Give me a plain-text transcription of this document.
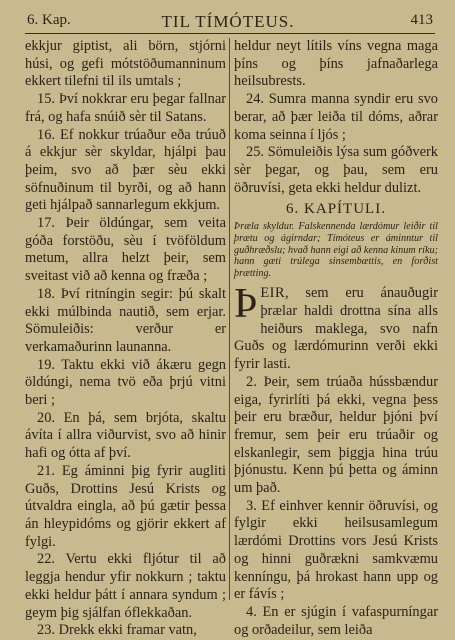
6. Kap.	TIL TÍMÓTEUS.	413

ekkjur giptist, ali börn, stjórni húsi, og gefi mótstöðumanninum ekkert tilefni til ils umtals ;

15. Því nokkrar eru þegar fallnar frá, og hafa snúið sèr til Satans.

16. Ef nokkur trúaður eða trúuð á ekkjur sèr skyldar, hjálpi þau þeim, svo að þær sèu ekki söfnuðinum til byrði, og að hann geti hjálpað sannarlegum ekkjum.

17. Þeir öldúngar, sem veita góða forstöðu, sèu í tvöföldum metum, allra helzt þeir, sem sveitast við að kenna og fræða ;

18. Því ritníngin segir: þú skalt ekki múlbinda nautið, sem erjar. Sömuleiðis: verður er verkamaðurinn launanna.

19. Taktu ekki við ákæru gegn öldúngi, nema tvö eða þrjú vitni beri ;

20. En þá, sem brjóta, skaltu ávíta í allra viðurvist, svo að hinir hafi og ótta af því.

21. Eg áminni þig fyrir augliti Guðs, Drottins Jesú Krists og útvaldra eingla, að þú gætir þessa án hleypidóms og gjörir ekkert af fylgi.

22. Vertu ekki fljótur til að leggja hendur yfir nokkurn ; taktu ekki heldur þátt í annara syndum ; geym þig sjálfan óflekkaðan.

23. Drekk ekki framar vatn,

heldur neyt lítils víns vegna maga þíns og þíns jafnaðarlega heilsubrests.

24. Sumra manna syndir eru svo berar, að þær leiða til dóms, aðrar koma seinna í ljós ;

25. Sömuleiðis lýsa sum góðverk sèr þegar, og þau, sem eru öðruvísi, geta ekki heldur dulizt.

6. KAPÍTULI.
Þræla skyldur. Falskennenda lærdómur leiðir til þrætu og ágirndar; Tímóteus er áminntur til guðhræðslu; hvað hann eigi að kenna kinum ríku; hann gæti trúlega sinsembættis, en forðist þrætting.

ÞEIR, sem eru ánauðugir þrælar haldi drottna sína alls heiðurs maklega, svo nafn Guðs og lærdómurinn verði ekki fyrir lasti.

2. Þeir, sem trúaða hússbændur eiga, fyrirlíti þá ekki, vegna þess þeir eru bræður, heldur þjóni því fremur, sem þeir eru trúaðir og elskanlegir, sem þiggja hina trúu þjónustu. Kenn þú þetta og áminn um það.

3. Ef einhver kennir öðruvísi, og fylgir ekki heilsusamlegum lærdómi Drottins vors Jesú Krists og hinni guðrækni samkvæmu kenníngu, þá hrokast hann upp og er fávís ;

4. En er sjúgin í vafaspurníngar og orðadeilur, sem leiða
